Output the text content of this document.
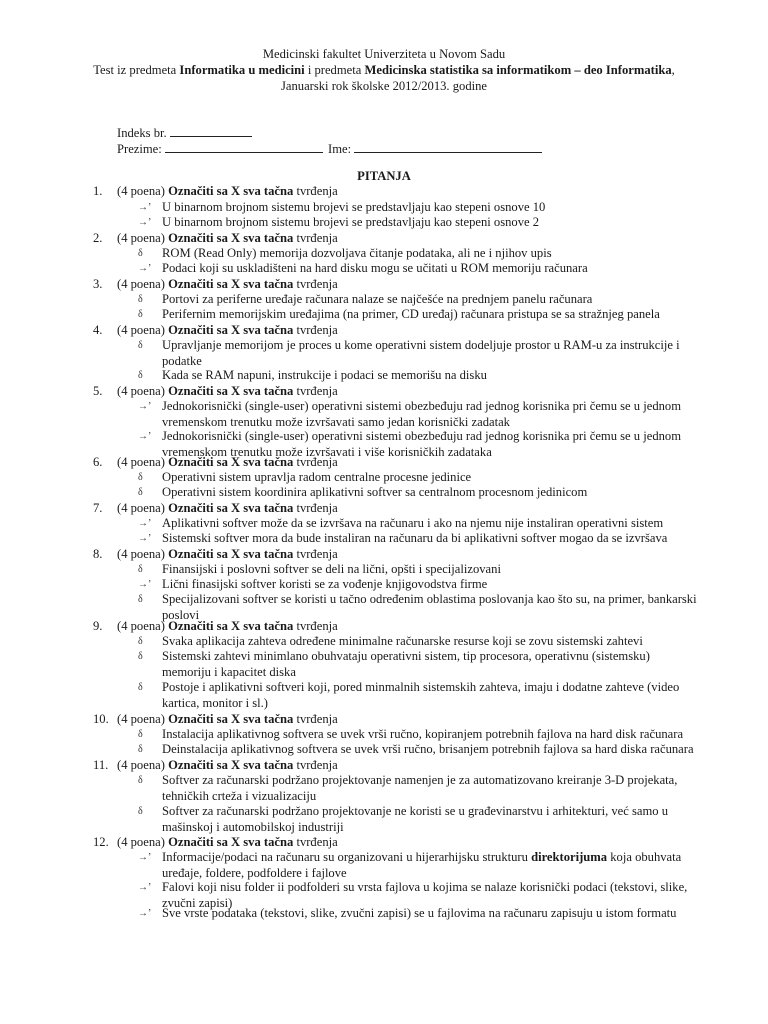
Medicinski fakultet Univerziteta u Novom Sadu
Test iz predmeta Informatika u medicini i predmeta Medicinska statistika sa informatikom – deo Informatika,
Januarski rok školske 2012/2013. godine
Indeks br.
Prezime:	Ime:
PITANJA
1.	(4 poena) Označiti sa X sva tačna tvrđenja
→’ U binarnom brojnom sistemu brojevi se predstavljaju kao stepeni osnove 10
→’ U binarnom brojnom sistemu brojevi se predstavljaju kao stepeni osnove 2
2.	(4 poena) Označiti sa X sva tačna tvrđenja
δ	ROM (Read Only) memorija dozvoljava čitanje podataka, ali ne i njihov upis
→’ Podaci koji su uskladišteni na hard disku mogu se učitati u ROM memoriju računara
3.	(4 poena) Označiti sa X sva tačna tvrđenja
δ	Portovi za periferne uređaje računara nalaze se najčešće na prednjem panelu računara
δ	Perifernim memorijskim uređajima (na primer, CD uređaj) računara pristupa se sa stražnjeg panela
4.	(4 poena) Označiti sa X sva tačna tvrđenja
δ	Upravljanje memorijom je proces u kome operativni sistem dodeljuje prostor u RAM-u za instrukcije i podatke
δ	Kada se RAM napuni, instrukcije i podaci se memorišu na disku
5.	(4 poena) Označiti sa X sva tačna tvrđenja
→’ Jednokorisnički (single-user) operativni sistemi obezbeđuju rad jednog korisnika pri čemu se u jednom vremenskom trenutku može izvršavati samo jedan korisnički zadatak
→’ Jednokorisnički (single-user) operativni sistemi obezbeđuju rad jednog korisnika pri čemu se u jednom vremenskom trenutku može izvršavati i više korisničkih zadataka
6.	(4 poena) Označiti sa X sva tačna tvrđenja
δ	Operativni sistem upravlja radom centralne procesne jedinice
δ	Operativni sistem koordinira aplikativni softver sa centralnom procesnom jedinicom
7.	(4 poena) Označiti sa X sva tačna tvrđenja
→’ Aplikativni softver može da se izvršava na računaru i ako na njemu nije instaliran operativni sistem
→’ Sistemski softver mora da bude instaliran na računaru da bi aplikativni softver mogao da se izvršava
8.	(4 poena) Označiti sa X sva tačna tvrđenja
δ	Finansijski i poslovni softver se deli na lični, opšti i specijalizovani
→’ Lični finasijski softver koristi se za vođenje knjigovodstva firme
δ	Specijalizovani softver se koristi u tačno određenim oblastima poslovanja kao što su, na primer, bankarski poslovi
9.	(4 poena) Označiti sa X sva tačna tvrđenja
δ	Svaka aplikacija zahteva određene minimalne računarske resurse koji se zovu sistemski zahtevi
δ	Sistemski zahtevi minimlano obuhvataju operativni sistem, tip procesora, operativnu (sistemsku) memoriju i kapacitet diska
δ	Postoje i aplikativni softveri koji, pored minmalnih sistemskih zahteva, imaju i dodatne zahteve (video kartica, monitor i sl.)
10. (4 poena) Označiti sa X sva tačna tvrđenja
δ	Instalacija aplikativnog softvera se uvek vrši ručno, kopiranjem potrebnih fajlova na hard disk računara
δ	Deinstalacija aplikativnog softvera se uvek vrši ručno, brisanjem potrebnih fajlova sa hard diska računara
11. (4 poena) Označiti sa X sva tačna tvrđenja
δ	Softver za računarski podržano projektovanje namenjen je za automatizovano kreiranje 3-D projekata, tehničkih crteža i vizualizaciju
δ	Softver za računarski podržano projektovanje ne koristi se u građevinarstvu i arhitekturi, već samo u mašinskoj i automobilskoj industriji
12. (4 poena) Označiti sa X sva tačna tvrđenja
→’ Informacije/podaci na računaru su organizovani u hijerarhijsku strukturu direktorijuma koja obuhvata uređaje, foldere, podfoldere i fajlove
→’ Falovi koji nisu folder ii podfolderi su vrsta fajlova u kojima se nalaze korisnički podaci (tekstovi, slike, zvučni zapisi)
→’ Sve vrste podataka (tekstovi, slike, zvučni zapisi) se u fajlovima na računaru zapisuju u istom formatu
